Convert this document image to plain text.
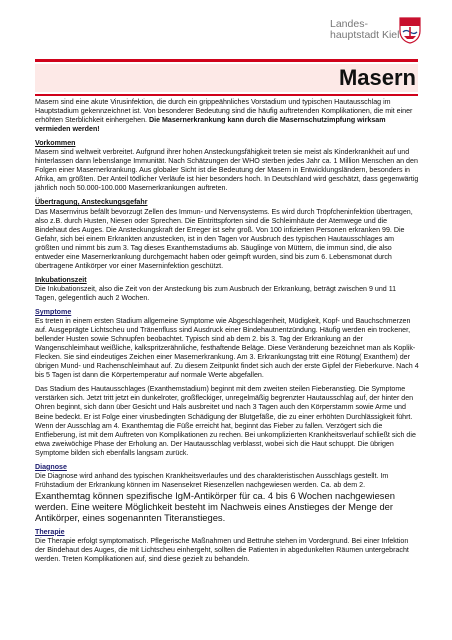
Landes-
hauptstadt Kiel
Masern

Masern sind eine akute Virusinfektion, die durch ein grippeähnliches Vorstadium und typischen Hautausschlag im Hauptstadium gekennzeichnet ist. Von besonderer Bedeutung sind die häufig auftretenden Komplikationen, die mit einer erhöhten Sterblichkeit einhergehen. Die Masernerkrankung kann durch die Masernschutzimpfung wirksam vermieden werden!

Vorkommen

Masern sind weltweit verbreitet. Aufgrund ihrer hohen Ansteckungsfähigkeit treten sie meist als Kinderkrankheit auf und hinterlassen dann lebenslange Immunität. Nach Schätzungen der WHO sterben jedes Jahr ca. 1 Million Menschen an den Folgen einer Masernerkrankung. Aus globaler Sicht ist die Bedeutung der Masern in Entwicklungsländern, besonders in Afrika, am größten. Der Anteil tödlicher Verläufe ist hier besonders hoch. In Deutschland wird geschätzt, dass gegenwärtig jährlich noch 50.000-100.000 Masernerkrankungen auftreten.

Übertragung, Ansteckungsgefahr

Das Masernvirus befällt bevorzugt Zellen des Immun- und Nervensystems. Es wird durch Tröpfcheninfektion übertragen, also z.B. durch Husten, Niesen oder Sprechen. Die Eintrittspforten sind die Schleimhäute der Atemwege und die Bindehaut des Auges. Die Ansteckungskraft der Erreger ist sehr groß. Von 100 infizierten Personen erkranken 99. Die Gefahr, sich bei einem Erkrankten anzustecken, ist in den Tagen vor Ausbruch des typischen Hautausschlages am größten und nimmt bis zum 3. Tag dieses Exanthemstadiums ab. Säuglinge von Müttern, die immun sind, die also entweder eine Masernerkrankung durchgemacht haben oder geimpft wurden, sind bis zum 6. Lebensmonat durch übertragene Antikörper vor einer Maserninfektion geschützt.

Inkubationszeit

Die Inkubationszeit, also die Zeit von der Ansteckung bis zum Ausbruch der Erkrankung, beträgt zwischen 9 und 11 Tagen, gelegentlich auch 2 Wochen.

Symptome

Es treten in einem ersten Stadium allgemeine Symptome wie Abgeschlagenheit, Müdigkeit, Kopf- und Bauchschmerzen auf. Ausgeprägte Lichtscheu und Tränenfluss sind Ausdruck einer Bindehautnentzündung. Häufig werden ein trockener, bellender Husten sowie Schnupfen beobachtet. Typisch sind ab dem 2. bis 3. Tag der Erkrankung an der Wangenschleimhaut weißliche, kalkspritzerähnliche, festhaftende Beläge. Diese Veränderung bezeichnet man als Koplik-Flecken. Sie sind eindeutiges Zeichen einer Masernerkrankung. Am 3. Erkrankungstag tritt eine Rötung( Exanthem) der übrigen Mund- und Rachenschleimhaut auf. Zu diesem Zeitpunkt findet sich auch der erste Gipfel der Fieberkurve. Nach 4 bis 5 Tagen ist dann die Körpertemperatur auf normale Werte abgefallen.

Das Stadium des Hautausschlages (Exanthemstadium) beginnt mit dem zweiten steilen Fieberanstieg. Die Symptome verstärken sich. Jetzt tritt jetzt ein dunkelroter, großfleckiger, unregelmäßig begrenzter Hautausschlag auf, der hinter den Ohren beginnt, sich dann über Gesicht und Hals ausbreitet und nach 3 Tagen auch den Körperstamm sowie Arme und Beine bedeckt. Er ist Folge einer virusbedingten Schädigung der Blutgefäße, die zu einer erhöhten Durchlässigkeit führt. Wenn der Ausschlag am 4. Exanthemtag die Füße erreicht hat, beginnt das Fieber zu fallen. Verzögert sich die Entfieberung, ist mit dem Auftreten von Komplikationen zu rechen. Bei unkomplizierten Krankheitsverlauf schließt sich die etwa zweiwöchige Phase der Erholung an. Der Hautausschlag verblasst, wobei sich die Haut schuppt. Die übrigen Symptome bilden sich ebenfalls langsam zurück.

Diagnose

Die Diagnose wird anhand des typischen Krankheitsverlaufes und des charakteristischen Ausschlags gestellt. Im Frühstadium der Erkrankung können im Nasensekret Riesenzellen nachgewiesen werden. Ca. ab dem 2.

Exanthemtag können spezifische IgM-Antikörper für ca. 4 bis 6 Wochen nachgewiesen werden. Eine weitere Möglichkeit besteht im Nachweis eines Anstieges der Menge der Antikörper, eines sogenannten Titeranstieges.

Therapie

Die Therapie erfolgt symptomatisch. Pflegerische Maßnahmen und Bettruhe stehen im Vordergrund. Bei einer Infektion der Bindehaut des Auges, die mit Lichtscheu einhergeht, sollten die Patienten in abgedunkelten Räumen untergebracht werden. Treten Komplikationen auf, sind diese gezielt zu behandeln.
